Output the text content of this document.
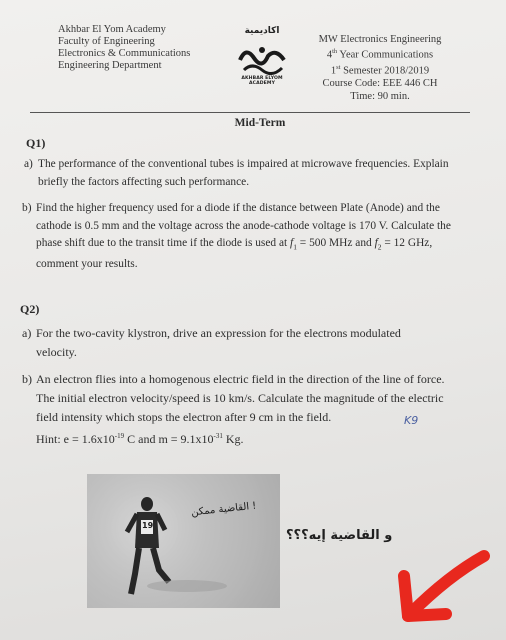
Akhbar El Yom Academy
Faculty of Engineering
Electronics & Communications
Engineering Department
اكاديمية
AKHBAR ELYOM ACADEMY
MW Electronics Engineering
4th Year Communications
1st Semester 2018/2019
Course Code: EEE 446 CH
Time: 90 min.
Mid-Term
Q1)
a) The performance of the conventional tubes is impaired at microwave frequencies. Explain
briefly the factors affecting such performance.
b) Find the higher frequency used for a diode if the distance between Plate (Anode) and the
cathode is 0.5 mm and the voltage across the anode-cathode voltage is 170 V. Calculate the
phase shift due to the transit time if the diode is used at $f_1 = 500$ MHz and $f_2 = 12$ GHz,
comment your results.
Q2)
a) For the two-cavity klystron, drive an expression for the electrons modulated
velocity.
b) An electron flies into a homogenous electric field in the direction of the line of force.
The initial electron velocity/speed is 10 km/s. Calculate the magnitude of the electric
field intensity which stops the electron after 9 cm in the field.
Hint: $e = 1.6x10^{-19}$ C and $m = 9.1x10^{-31}$ Kg.
K9
19
القاضية ممكن !
و القاضية إيه؟؟؟
